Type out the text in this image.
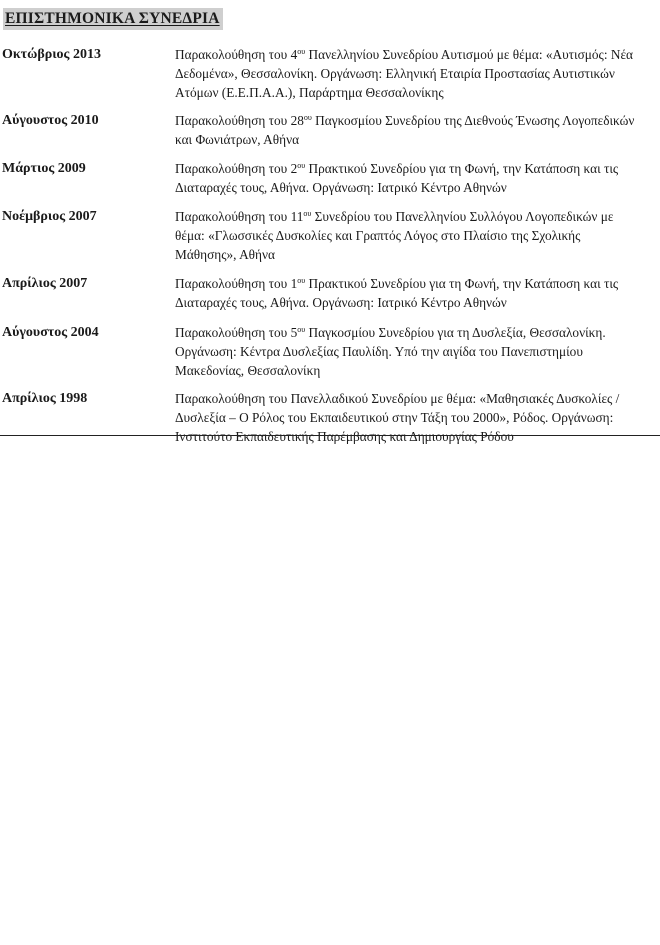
ΕΠΙΣΤΗΜΟΝΙΚΑ ΣΥΝΕΔΡΙΑ
Οκτώβριος 2013	Παρακολούθηση του $4^{o\upsilon}$ Πανελληνίου Συνεδρίου Αυτισμού με θέμα: «Αυτισμός: Νέα Δεδομένα», Θεσσαλονίκη. Οργάνωση: Ελληνική Εταιρία Προστασίας Αυτιστικών Ατόμων (Ε.Ε.Π.Α.Α.), Παράρτημα Θεσσαλονίκης
Αύγουστος 2010	Παρακολούθηση του $28^{o\upsilon}$ Παγκοσμίου Συνεδρίου της Διεθνούς Ένωσης Λογοπεδικών και Φωνιάτρων, Αθήνα
Μάρτιος 2009	Παρακολούθηση του $2^{o\upsilon}$ Πρακτικού Συνεδρίου για τη Φωνή, την Κατάποση και τις Διαταραχές τους, Αθήνα. Οργάνωση: Ιατρικό Κέντρο Αθηνών
Νοέμβριος 2007	Παρακολούθηση του $11^{o\upsilon}$ Συνεδρίου του Πανελληνίου Συλλόγου Λογοπεδικών με θέμα: «Γλωσσικές Δυσκολίες και Γραπτός Λόγος στο Πλαίσιο της Σχολικής Μάθησης», Αθήνα
Απρίλιος 2007	Παρακολούθηση του $1^{o\upsilon}$ Πρακτικού Συνεδρίου για τη Φωνή, την Κατάποση και τις Διαταραχές τους, Αθήνα. Οργάνωση: Ιατρικό Κέντρο Αθηνών
Αύγουστος 2004	Παρακολούθηση του $5^{o\upsilon}$ Παγκοσμίου Συνεδρίου για τη Δυσλεξία, Θεσσαλονίκη. Οργάνωση: Κέντρα Δυσλεξίας Παυλίδη. Υπό την αιγίδα του Πανεπιστημίου Μακεδονίας, Θεσσαλονίκη
Απρίλιος 1998	Παρακολούθηση του Πανελλαδικού Συνεδρίου με θέμα: «Μαθησιακές Δυσκολίες / Δυσλεξία – Ο Ρόλος του Εκπαιδευτικού στην Τάξη του 2000», Ρόδος. Οργάνωση: Ινστιτούτο Εκπαιδευτικής Παρέμβασης και Δημιουργίας Ρόδου
